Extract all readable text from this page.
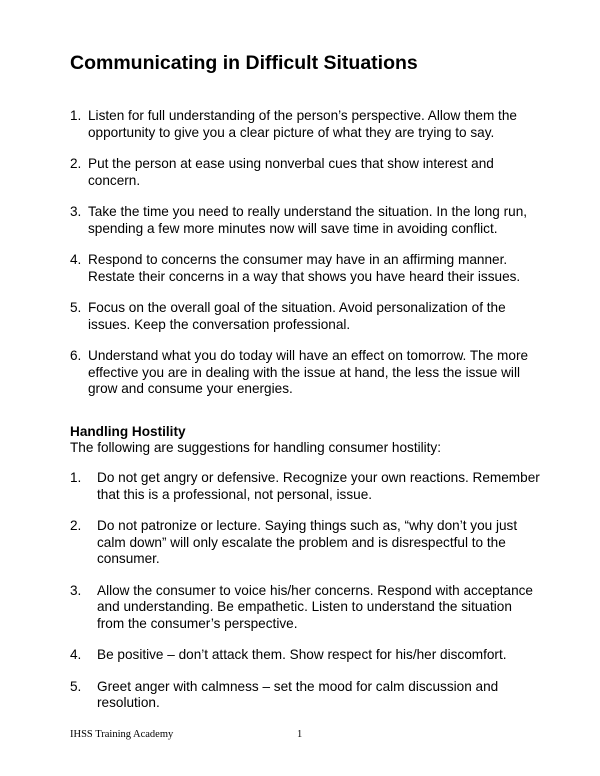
Communicating in Difficult Situations
1. Listen for full understanding of the person’s perspective. Allow them the opportunity to give you a clear picture of what they are trying to say.
2. Put the person at ease using nonverbal cues that show interest and concern.
3. Take the time you need to really understand the situation. In the long run, spending a few more minutes now will save time in avoiding conflict.
4. Respond to concerns the consumer may have in an affirming manner. Restate their concerns in a way that shows you have heard their issues.
5. Focus on the overall goal of the situation. Avoid personalization of the issues. Keep the conversation professional.
6. Understand what you do today will have an effect on tomorrow. The more effective you are in dealing with the issue at hand, the less the issue will grow and consume your energies.
Handling Hostility

The following are suggestions for handling consumer hostility:

1. Do not get angry or defensive. Recognize your own reactions. Remember that this is a professional, not personal, issue.
2. Do not patronize or lecture. Saying things such as, “why don’t you just calm down” will only escalate the problem and is disrespectful to the consumer.
3. Allow the consumer to voice his/her concerns. Respond with acceptance and understanding. Be empathetic. Listen to understand the situation from the consumer’s perspective.
4. Be positive – don’t attack them. Show respect for his/her discomfort.
5. Greet anger with calmness – set the mood for calm discussion and resolution.
IHSS Training Academy	1
